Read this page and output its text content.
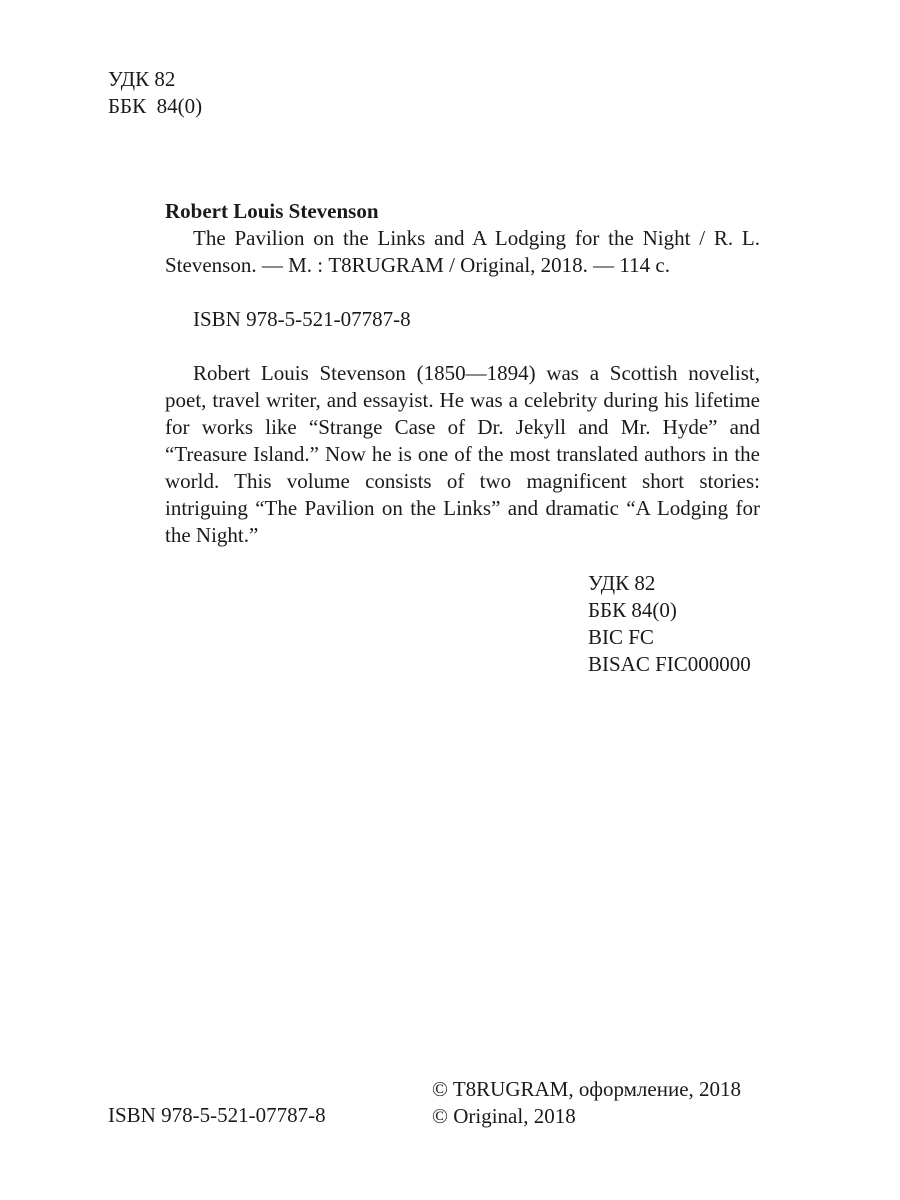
УДК 82
ББК  84(0)
Robert Louis Stevenson
The Pavilion on the Links and A Lodging for the Night / R. L. Stevenson. — М. : T8RUGRAM / Original, 2018. — 114 с.
ISBN 978-5-521-07787-8
Robert Louis Stevenson (1850—1894) was a Scottish novelist, poet, travel writer, and essayist. He was a celebrity during his lifetime for works like “Strange Case of Dr. Jekyll and Mr. Hyde” and “Treasure Island.” Now he is one of the most translated authors in the world. This volume consists of two magnificent short stories: intriguing “The Pavilion on the Links” and dramatic “A Lodging for the Night.”
УДК 82
ББК 84(0)
BIC FC
BISAC FIC000000
ISBN 978-5-521-07787-8
© T8RUGRAM, оформление, 2018
© Original, 2018
